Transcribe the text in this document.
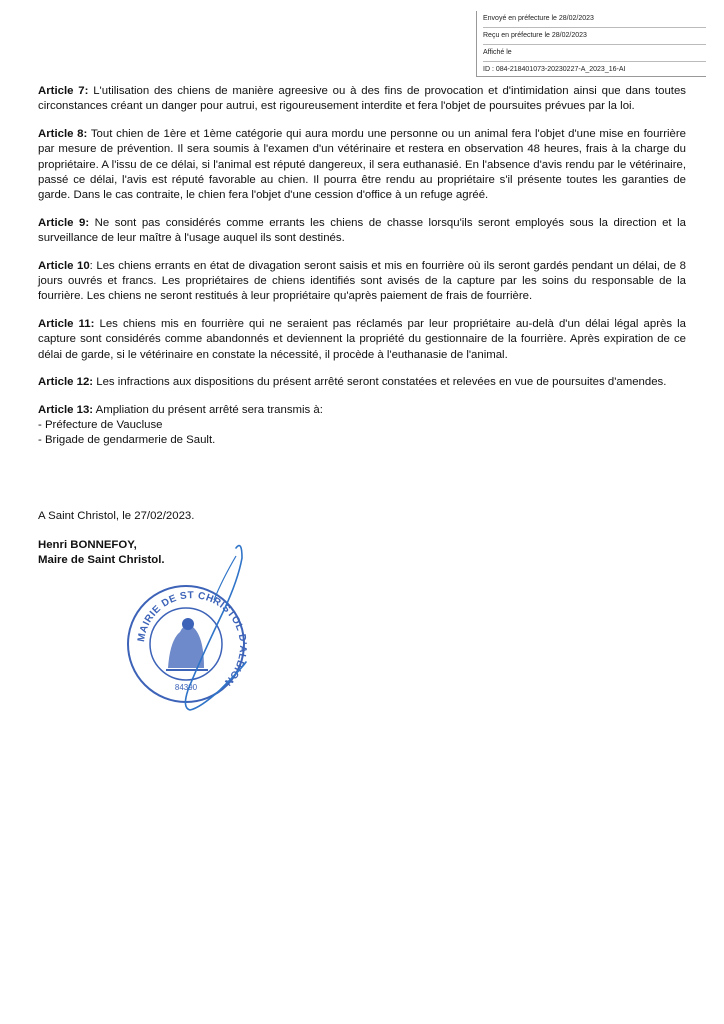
Envoyé en préfecture le 28/02/2023
Reçu en préfecture le 28/02/2023
Affiché le
ID : 084-218401073-20230227-A_2023_16-AI

Article 7: L'utilisation des chiens de manière agreesive ou à des fins de provocation et d'intimidation ainsi que dans toutes circonstances créant un danger pour autrui, est rigoureusement interdite et fera l'objet de poursuites prévues par la loi.

Article 8: Tout chien de 1ère et 1ème catégorie qui aura mordu une personne ou un animal fera l'objet d'une mise en fourrière par mesure de prévention. Il sera soumis à l'examen d'un vétérinaire et restera en observation 48 heures, frais à la charge du propriétaire. A l'issu de ce délai, si l'animal est réputé dangereux, il sera euthanasié. En l'absence d'avis rendu par le vétérinaire, passé ce délai, l'avis est réputé favorable au chien. Il pourra être rendu au propriétaire s'il présente toutes les garanties de garde. Dans le cas contraite, le chien fera l'objet d'une cession d'office à un refuge agréé.

Article 9: Ne sont pas considérés comme errants les chiens de chasse lorsqu'ils seront employés sous la direction et la surveillance de leur maître à l'usage auquel ils sont destinés.

Article 10: Les chiens errants en état de divagation seront saisis et mis en fourrière où ils seront gardés pendant un délai, de 8 jours ouvrés et francs. Les propriétaires de chiens identifiés sont avisés de la capture par les soins du responsable de la fourrière. Les chiens ne seront restitués à leur propriétaire qu'après paiement de frais de fourrière.

Article 11: Les chiens mis en fourrière qui ne seraient pas réclamés par leur propriétaire au-delà d'un délai légal après la capture sont considérés comme abandonnés et deviennent la propriété du gestionnaire de la fourrière. Après expiration de ce délai de garde, si le vétérinaire en constate la nécessité, il procède à l'euthanasie de l'animal.

Article 12: Les infractions aux dispositions du présent arrêté seront constatées et relevées en vue de poursuites d'amendes.

Article 13: Ampliation du présent arrêté sera transmis à:
- Préfecture de Vaucluse
- Brigade de gendarmerie de Sault.
A Saint Christol, le 27/02/2023.
Henri BONNEFOY,
Maire de Saint Christol.
MAIRIE DE ST CHRISTOL D'ALBION
84390
